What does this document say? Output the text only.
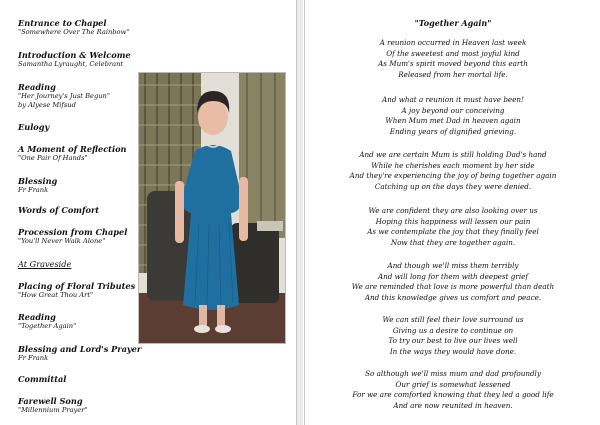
Entrance to Chapel
"Somewhere Over The Rainbow"
Introduction & Welcome
Samantha Lyraught, Celebrant
Reading
"Her Journey's Just Begun"
by Alyese Mifsud
Eulogy
A Moment of Reflection
"One Pair Of Hands"
Blessing
Fr Frank
Words of Comfort
Procession from Chapel
"You'll Never Walk Alone"
At Graveside
Placing of Floral Tributes
"How Great Thou Art"
Reading
"Together Again"
Blessing and Lord's Prayer
Fr Frank
Committal
Farewell Song
"Millennium Prayer"
"Together Again"
A reunion occurred in Heaven last week
Of the sweetest and most joyful kind
As Mum's spirit moved beyond this earth
Released from her mortal life.
And what a reunion it must have been!
A joy beyond our conceiving
When Mum met Dad in heaven again
Ending years of dignified grieving.
And we are certain Mum is still holding Dad's hand
While he cherishes each moment by her side
And they're experiencing the joy of being together again
Catching up on the days they were denied.
We are confident they are also looking over us
Hoping this happiness will lessen our pain
As we contemplate the joy that they finally feel
Now that they are together again.
And though we'll miss them terribly
And will long for them with deepest grief
We are reminded that love is more powerful than death
And this knowledge gives us comfort and peace.
We can still feel their love surround us
Giving us a desire to continue on
To try our best to live our lives well
In the ways they would have done.
So although we'll miss mum and dad profoundly
Our grief is somewhat lessened
For we are comforted knowing that they led a good life
And are now reunited in heaven.
